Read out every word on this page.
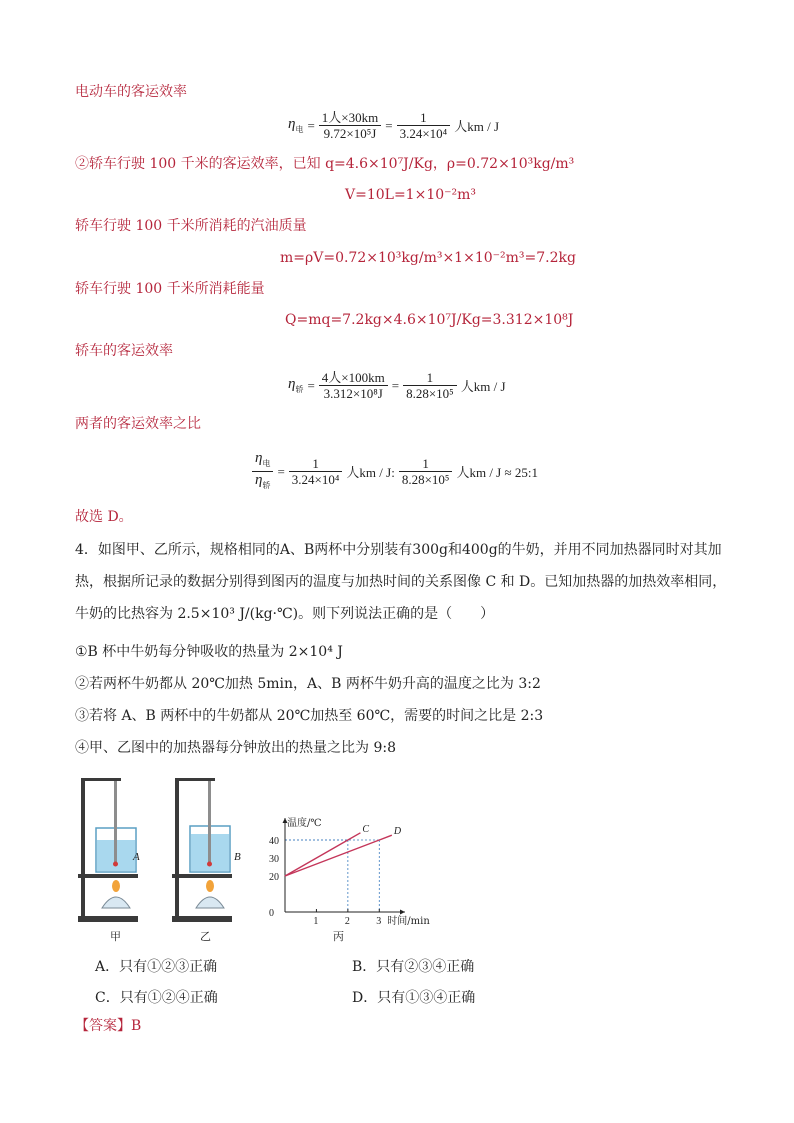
电动车的客运效率
$\eta_电 = \frac{\text{1人×30km}}{\text{9.72×10⁵J}} = \frac{1}{\text{3.24×10⁴}}$ 人km / J
②轿车行驶 100 千米的客运效率，已知 q=4.6×10⁷J/Kg，ρ=0.72×10³kg/m³
V=10L=1×10⁻²m³
轿车行驶 100 千米所消耗的汽油质量
m=ρV=0.72×10³kg/m³×1×10⁻²m³=7.2kg
轿车行驶 100 千米所消耗能量
Q=mq=7.2kg×4.6×10⁷J/Kg=3.312×10⁸J
轿车的客运效率
$\eta_轿 = \frac{\text{4人×100km}}{\text{3.312×10⁸J}} = \frac{1}{\text{8.28×10⁵}}$ 人km / J
两者的客运效率之比
$\frac{\eta_电}{\eta_轿} = \frac{1}{\text{3.24×10⁴}}$ 人km / J: $\frac{1}{\text{8.28×10⁵}}$ 人km / J ≈ 25:1
故选 D。
4．如图甲、乙所示，规格相同的A、B两杯中分别装有300g和400g的牛奶，并用不同加热器同时对其加
热，根据所记录的数据分别得到图丙的温度与加热时间的关系图像 C 和 D。已知加热器的加热效率相同，
牛奶的比热容为 2.5×10³ J/(kg·℃)。则下列说法正确的是（　　）
①B 杯中牛奶每分钟吸收的热量为 2×10⁴ J
②若两杯牛奶都从 20℃加热 5min，A、B 两杯牛奶升高的温度之比为 3:2
③若将 A、B 两杯中的牛奶都从 20℃加热至 60℃，需要的时间之比是 2:3
④甲、乙图中的加热器每分钟放出的热量之比为 9:8
A
甲
B
乙
1	2	3
0
20
30
40
C D
温度/℃
时间/min
丙
A．只有①②③正确	B．只有②③④正确
C．只有①②④正确	D．只有①③④正确
【答案】B
